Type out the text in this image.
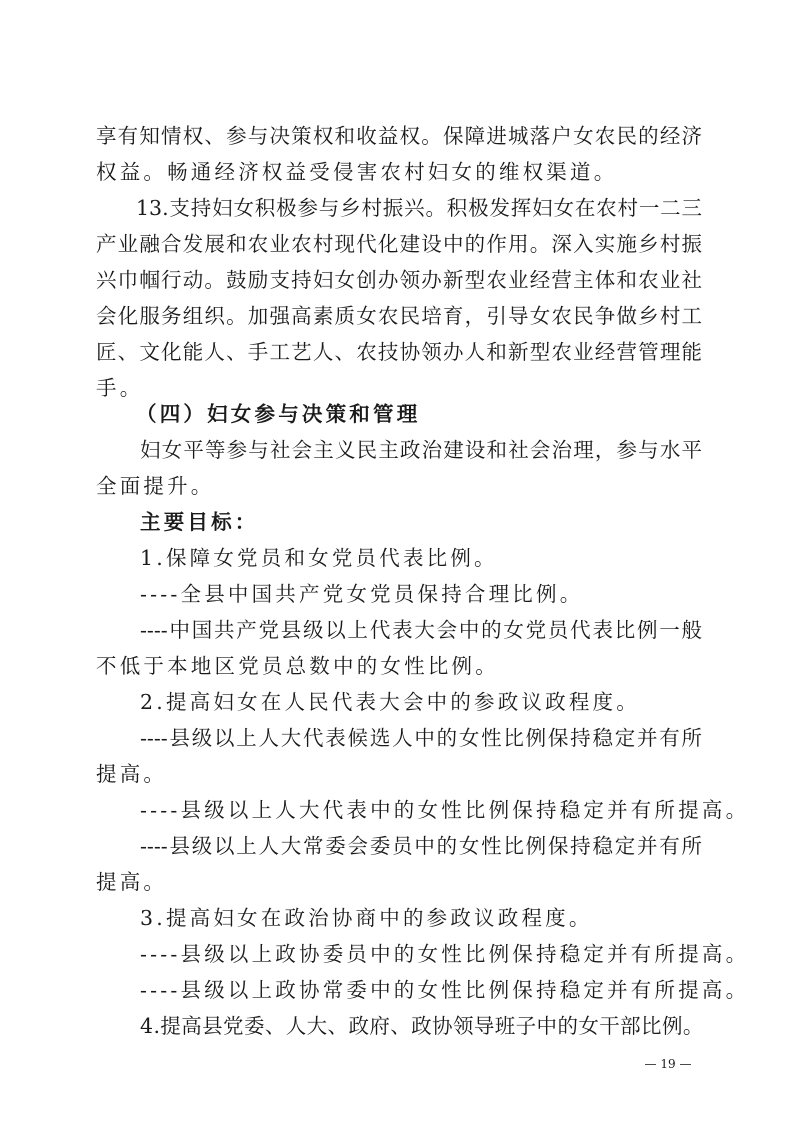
享有知情权、参与决策权和收益权。保障进城落户女农民的经济
权益。畅通经济权益受侵害农村妇女的维权渠道。
13.支持妇女积极参与乡村振兴。积极发挥妇女在农村一二三
产业融合发展和农业农村现代化建设中的作用。深入实施乡村振
兴巾帼行动。鼓励支持妇女创办领办新型农业经营主体和农业社
会化服务组织。加强高素质女农民培育，引导女农民争做乡村工
匠、文化能人、手工艺人、农技协领办人和新型农业经营管理能
手。
（四）妇女参与决策和管理
妇女平等参与社会主义民主政治建设和社会治理，参与水平
全面提升。
主要目标：
1.保障女党员和女党员代表比例。
----全县中国共产党女党员保持合理比例。
----中国共产党县级以上代表大会中的女党员代表比例一般
不低于本地区党员总数中的女性比例。
2.提高妇女在人民代表大会中的参政议政程度。
----县级以上人大代表候选人中的女性比例保持稳定并有所
提高。
----县级以上人大代表中的女性比例保持稳定并有所提高。
----县级以上人大常委会委员中的女性比例保持稳定并有所
提高。
3.提高妇女在政治协商中的参政议政程度。
----县级以上政协委员中的女性比例保持稳定并有所提高。
----县级以上政协常委中的女性比例保持稳定并有所提高。
4.提高县党委、人大、政府、政协领导班子中的女干部比例。
— 19 —
